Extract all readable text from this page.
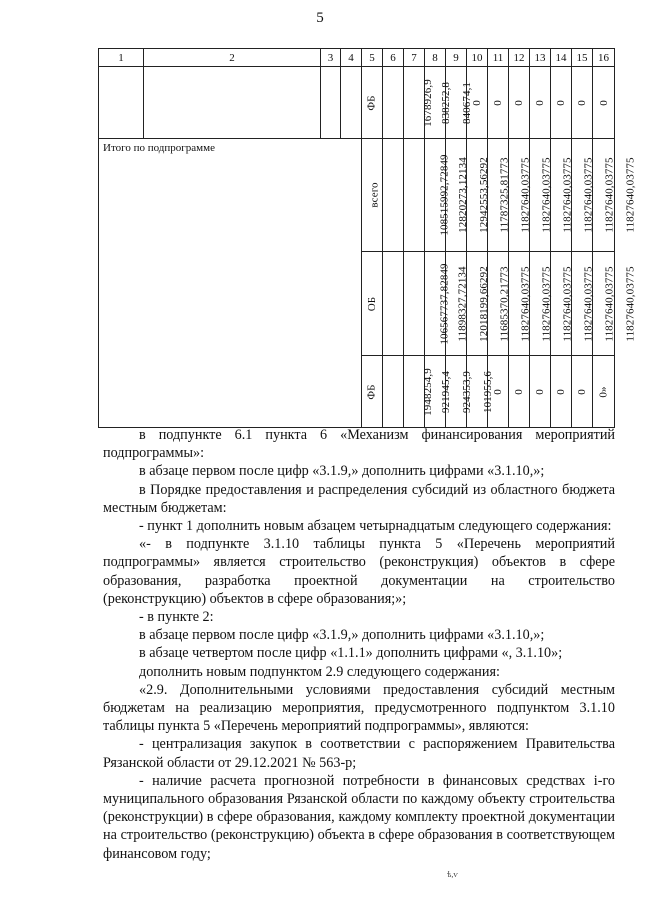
5
1	2	3	4	5	6	7	8	9	10	11	12	13	14	15	16
				ФБ		1678926,9	838252,8	840674,1	0	0	0	0	0	0	0
Итого по подпрограмме				всего		108515992,72849	12820273,12134	12942553,56292	11787325,81773	11827640,03775	11827640,03775	11827640,03775	11827640,03775	11827640,03775	11827640,03775
				ОБ		106567737,82849	11898327,72134	12018199,66292	11685370,21773	11827640,03775	11827640,03775	11827640,03775	11827640,03775	11827640,03775	11827640,03775
				ФБ		1948254,9	921945,4	924353,9	101955,6	0	0	0	0	0	0»

в подпункте 6.1 пункта 6 «Механизм финансирования мероприятий подпрограммы»:

в абзаце первом после цифр «3.1.9,» дополнить цифрами «3.1.10,»;

в Порядке предоставления и распределения субсидий из областного бюджета местным бюджетам:

- пункт 1 дополнить новым абзацем четырнадцатым следующего содержания:

«- в подпункте 3.1.10 таблицы пункта 5 «Перечень мероприятий подпрограммы» является строительство (реконструкция) объектов в сфере образования, разработка проектной документации на строительство (реконструкцию) объектов в сфере образования;»;

- в пункте 2:

в абзаце первом после цифр «3.1.9,» дополнить цифрами «3.1.10,»;

в абзаце четвертом после цифр «1.1.1» дополнить цифрами «, 3.1.10»;

дополнить новым подпунктом 2.9 следующего содержания:

«2.9. Дополнительными условиями предоставления субсидий местным бюджетам на реализацию мероприятия, предусмотренного подпунктом 3.1.10 таблицы пункта 5 «Перечень мероприятий подпрограммы», являются:

- централизация закупок в соответствии с распоряжением Правительства Рязанской области от 29.12.2021 № 563-р;

- наличие расчета прогнозной потребности в финансовых средствах i-го муниципального образования Рязанской области по каждому объекту строительства (реконструкции) в сфере образования, каждому комплекту проектной документации на строительство (реконструкцию) объекта в сфере образования в соответствующем финансовом году;

ѣ,ѵ
